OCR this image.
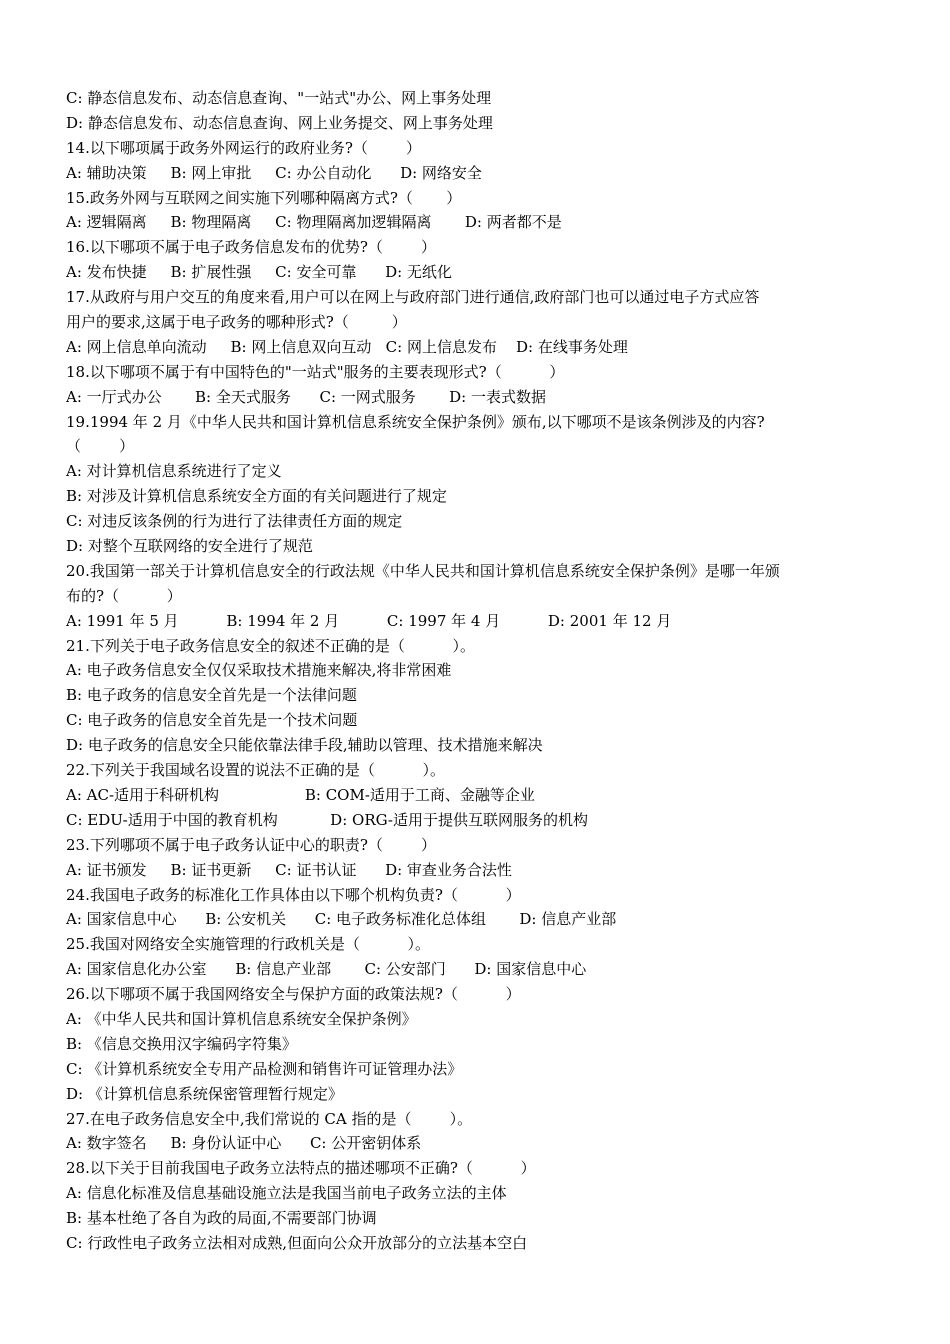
C: 静态信息发布、动态信息查询、"一站式"办公、网上事务处理
D: 静态信息发布、动态信息查询、网上业务提交、网上事务处理
14.以下哪项属于政务外网运行的政府业务?（        ）
A: 辅助决策     B: 网上审批     C: 办公自动化      D: 网络安全
15.政务外网与互联网之间实施下列哪种隔离方式?（       ）
A: 逻辑隔离     B: 物理隔离     C: 物理隔离加逻辑隔离       D: 两者都不是
16.以下哪项不属于电子政务信息发布的优势?（        ）
A: 发布快捷     B: 扩展性强     C: 安全可靠      D: 无纸化
17.从政府与用户交互的角度来看,用户可以在网上与政府部门进行通信,政府部门也可以通过电子方式应答
用户的要求,这属于电子政务的哪种形式?（         ）
A: 网上信息单向流动     B: 网上信息双向互动   C: 网上信息发布    D: 在线事务处理
18.以下哪项不属于有中国特色的"一站式"服务的主要表现形式?（          ）
A: 一厅式办公       B: 全天式服务      C: 一网式服务       D: 一表式数据
19.1994 年 2 月《中华人民共和国计算机信息系统安全保护条例》颁布,以下哪项不是该条例涉及的内容?
（        ）
A: 对计算机信息系统进行了定义
B: 对涉及计算机信息系统安全方面的有关问题进行了规定
C: 对违反该条例的行为进行了法律责任方面的规定
D: 对整个互联网络的安全进行了规范
20.我国第一部关于计算机信息安全的行政法规《中华人民共和国计算机信息系统安全保护条例》是哪一年颁
布的?（          ）
A: 1991 年 5 月          B: 1994 年 2 月          C: 1997 年 4 月          D: 2001 年 12 月
21.下列关于电子政务信息安全的叙述不正确的是（          ）。
A: 电子政务信息安全仅仅采取技术措施来解决,将非常困难
B: 电子政务的信息安全首先是一个法律问题
C: 电子政务的信息安全首先是一个技术问题
D: 电子政务的信息安全只能依靠法律手段,辅助以管理、技术措施来解决
22.下列关于我国域名设置的说法不正确的是（          ）。
A: AC-适用于科研机构                  B: COM-适用于工商、金融等企业
C: EDU-适用于中国的教育机构           D: ORG-适用于提供互联网服务的机构
23.下列哪项不属于电子政务认证中心的职责?（        ）
A: 证书颁发     B: 证书更新     C: 证书认证      D: 审查业务合法性
24.我国电子政务的标准化工作具体由以下哪个机构负责?（          ）
A: 国家信息中心      B: 公安机关      C: 电子政务标准化总体组       D: 信息产业部
25.我国对网络安全实施管理的行政机关是（          ）。
A: 国家信息化办公室      B: 信息产业部       C: 公安部门      D: 国家信息中心
26.以下哪项不属于我国网络安全与保护方面的政策法规?（          ）
A: 《中华人民共和国计算机信息系统安全保护条例》
B: 《信息交换用汉字编码字符集》
C: 《计算机系统安全专用产品检测和销售许可证管理办法》
D: 《计算机信息系统保密管理暂行规定》
27.在电子政务信息安全中,我们常说的 CA 指的是（        ）。
A: 数字签名     B: 身份认证中心      C: 公开密钥体系
28.以下关于目前我国电子政务立法特点的描述哪项不正确?（          ）
A: 信息化标准及信息基础设施立法是我国当前电子政务立法的主体
B: 基本杜绝了各自为政的局面,不需要部门协调
C: 行政性电子政务立法相对成熟,但面向公众开放部分的立法基本空白
